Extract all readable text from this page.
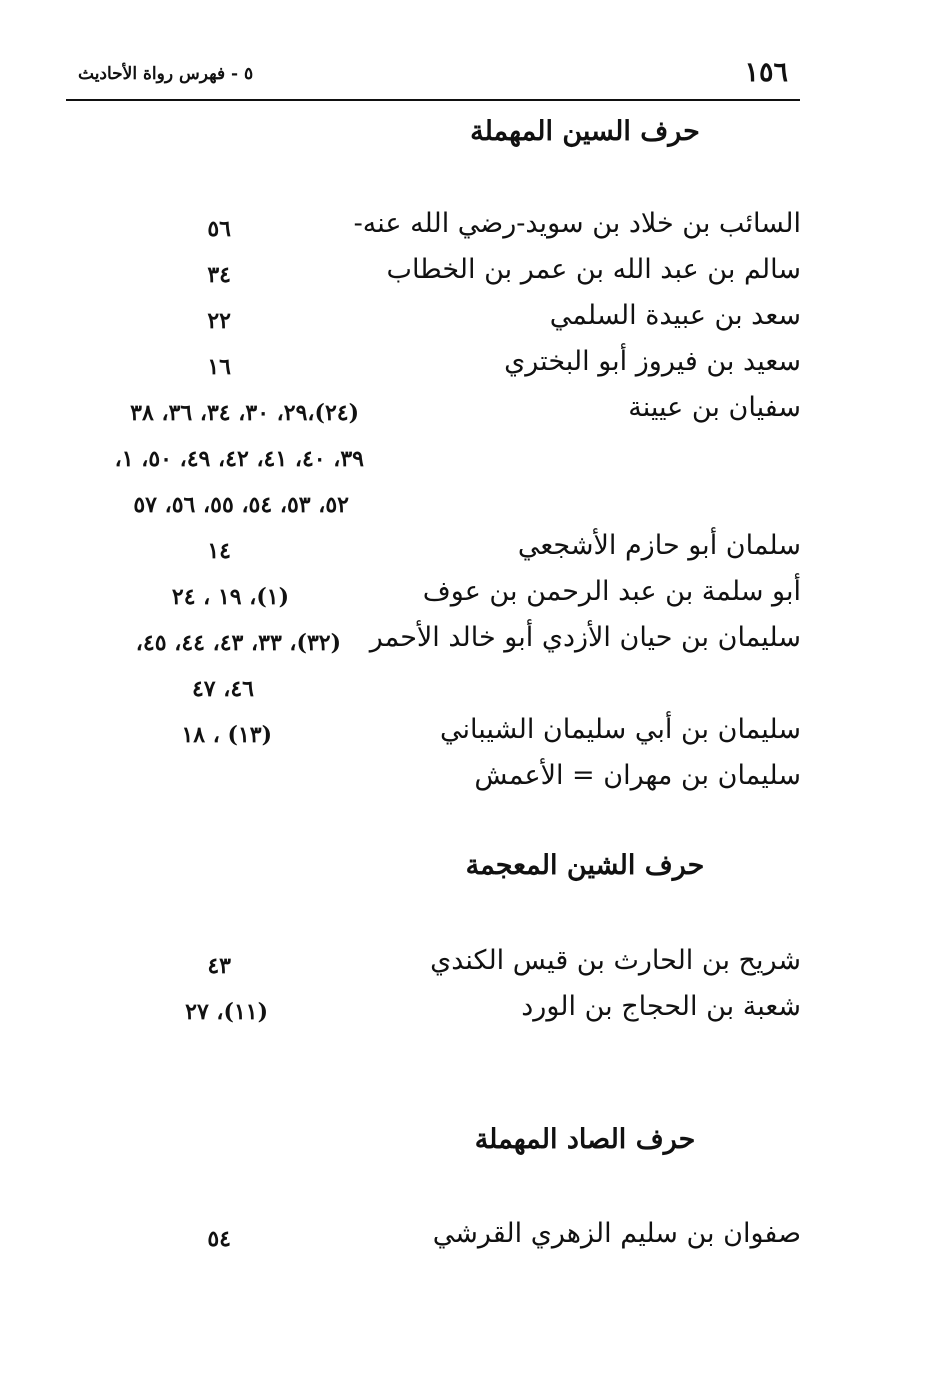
١٥٦
٥ - فهرس رواة الأحاديث
حرف السين المهملة
السائب بن خلاد بن سويد-رضي الله عنه-
٥٦
سالم بن عبد الله بن عمر بن الخطاب
٣٤
سعد بن عبيدة السلمي
٢٢
سعيد بن فيروز أبو البختري
١٦
سفيان بن عيينة
(٢٤)،٢٩، ٣٠، ٣٤، ٣٦، ٣٨
٣٩، ٤٠، ٤١، ٤٢، ٤٩، ٥٠، ١،
٥٢، ٥٣، ٥٤، ٥٥، ٥٦، ٥٧
سلمان أبو حازم الأشجعي
١٤
أبو سلمة بن عبد الرحمن بن عوف
(١)، ١٩ ، ٢٤
سليمان بن حيان الأزدي أبو خالد الأحمر
(٣٢)، ٣٣، ٤٣، ٤٤، ٤٥،
٤٦، ٤٧
سليمان بن أبي سليمان الشيباني
(١٣) ، ١٨
سليمان بن مهران = الأعمش
حرف الشين المعجمة
شريح بن الحارث بن قيس الكندي
٤٣
شعبة بن الحجاج بن الورد
(١١)، ٢٧
حرف الصاد المهملة
صفوان بن سليم الزهري القرشي
٥٤
